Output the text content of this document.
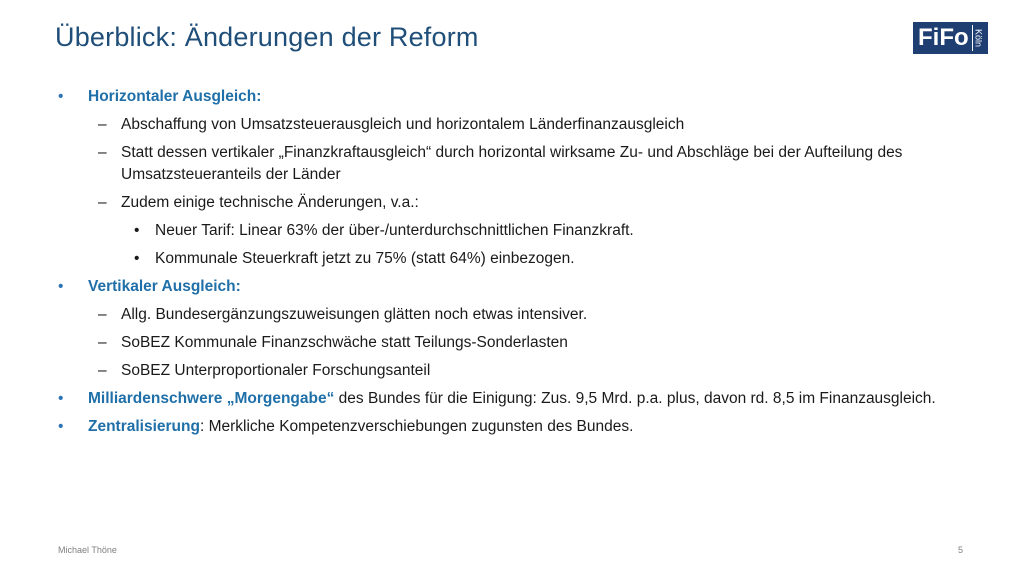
Überblick: Änderungen der Reform	FiFo Köln
• Horizontaler Ausgleich:
– Abschaffung von Umsatzsteuerausgleich und horizontalem Länderfinanzausgleich
– Statt dessen vertikaler „Finanzkraftausgleich“ durch horizontal wirksame Zu- und Abschläge bei der Aufteilung des Umsatzsteueranteils der Länder
– Zudem einige technische Änderungen, v.a.:
• Neuer Tarif: Linear 63% der über-/unterdurchschnittlichen Finanzkraft.
• Kommunale Steuerkraft jetzt zu 75% (statt 64%) einbezogen.
• Vertikaler Ausgleich:
– Allg. Bundesergänzungszuweisungen glätten noch etwas intensiver.
– SoBEZ Kommunale Finanzschwäche statt Teilungs-Sonderlasten
– SoBEZ Unterproportionaler Forschungsanteil
• Milliardenschwere „Morgengabe“ des Bundes für die Einigung: Zus. 9,5 Mrd. p.a. plus, davon rd. 8,5 im Finanzausgleich.
• Zentralisierung: Merkliche Kompetenzverschiebungen zugunsten des Bundes.
Michael Thöne	5
